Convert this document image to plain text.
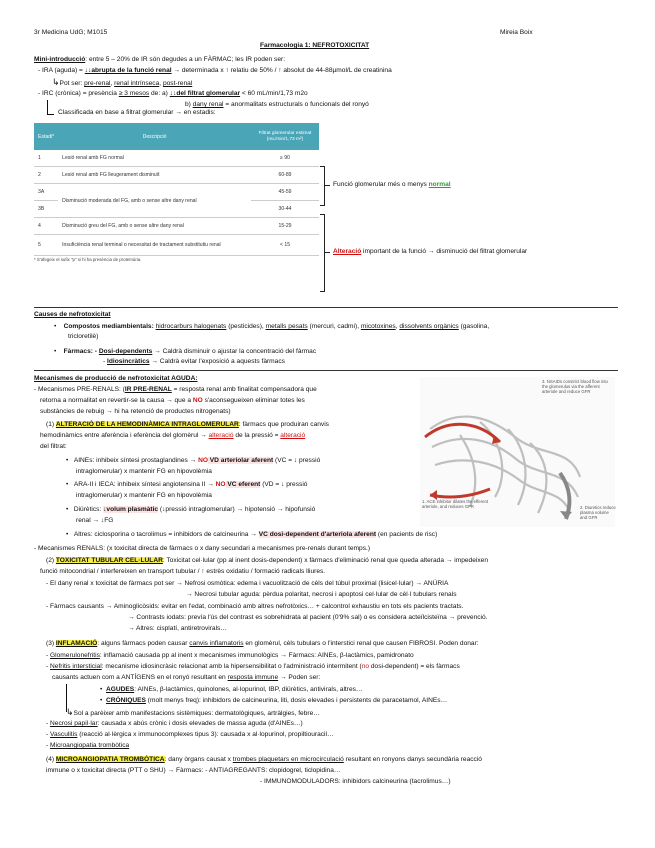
3r Medicina UdG; M1015	Mireia Boix
Farmacologia 1: NEFROTOXICITAT
Mini-introducció: entre 5 – 20% de IR són degudes a un FÀRMAC; les IR poden ser:
- IRA (aguda) = ↓↓abrupta de la funció renal → determinada x ↑ relatiu de 50% / ↑ absolut de 44-88µmol/L de creatinina
↳Pot ser: pre-renal, renal intrínseca, post-renal
- IRC (crònica) = presència ≥ 3 mesos de: a) ↓↓del filtrat glomerular < 60 mL/min/1,73 m2o
b) dany renal = anormalitats estructurals o funcionals del ronyó
Classificada en base a filtrat glomerular → en estadis:
Estadi*	Descripció	Filtrat glomerular estimat (mL/min/1,73 m²)
1	Lesió renal amb FG normal	≥ 90
2	Lesió renal amb FG lleugerament disminuït	60-89
3A	Disminució moderada del FG, amb o sense altre dany renal	45-59
3B		30-44
4	Disminució greu del FG, amb o sense altre dany renal	15-29
5	Insuficiència renal terminal o necessitat de tractament substitutiu renal	< 15
* S'afegeix el sufix "p" si hi ha presència de proteïnúria.
Funció glomerular més o menys normal
Alteració important de la funció → disminució del filtrat glomerular
Causes de nefrotoxicitat
•    Compostos mediambientals: hidrocarburs halogenats (pesticides), metalls pesats (mercuri, cadmi), micotoxines, dissolvents orgànics (gasolina,
tricloretilè)
•    Fàrmacs: - Dosi-dependents → Caldrà disminuir o ajustar la concentració del fàrmac
- Idiosincràtics → Caldrà evitar l'exposició a aquests fàrmacs
Mecanismes de producció de nefrotoxicitat AGUDA:
- Mecanismes PRE-RENALS: (IR PRE-RENAL = resposta renal amb finalitat compensadora que
retorna a normalitat en revertir-se la causa → que a NO s'aconsegueixen eliminar totes les
substàncies de rebuig → hi ha retenció de productes nitrogenats)
(1) ALTERACIÓ DE LA HEMODINÀMICA INTRAGLOMERULAR: fàrmacs que produiran canvis
hemodinàmics entre aferència i eferència del glomèrul → alteració de la pressió = alteració
del filtrat:
•   AINEs: inhibeix síntesi prostaglandines → NO VD arteriolar aferent (VC = ↓ pressió
intraglomerular) x mantenir FG en hipovolèmia
•   ARA-II i IECA: inhibeix síntesi angiotensina II → NO VC eferent (VD = ↓ pressió
intraglomerular) x mantenir FG en hipovolèmia
•   Diürètics: ↓volum plasmàtic (↓pressió intraglomerular) → hipotensió → hipofunsió
renal → ↓FG
•   Altres: ciclosporina o tacrolimus = inhibidors de calcineurina → VC dosi-dependent d'arteriola aferent (en pacients de risc)
3. NSAIDs constrict blood flow into the glomerulus via the afferent arteriole and reduce GFR
1. ACE inhibitor dilates the efferent arteriole, and reduces GFR	2. Diuretics reduce plasma volume and GFR
- Mecanismes RENALS: (x toxicitat directa de fàrmacs o x dany secundari a mecanismes pre-renals durant temps.)
(2) TOXICITAT TUBULAR CEL·LULAR: Toxicitat cel·lular (pp al inent dosis-dependent) x fàrmacs d'eliminació renal que queda alterada → impedeixen
funció mitocondrial / interfereixen en transport tubular / ↑ estrès oxidatiu / formació radicals lliures.
- El dany renal x toxicitat de fàrmacs pot ser → Nefrosi osmòtica: edema i vacuolització de cèls del túbul proximal (lisicel·lular) → ANÚRIA
→ Necrosi tubular aguda: pèrdua polaritat, necrosi i apoptosi cel·lular de cèl·l tubulars renals
- Fàrmacs causants → Aminoglicòsids: evitar en l'edat, combinació amb altres nefrotòxics… + calcontrol exhaustiu en tots els pacients tractats.
→ Contrasts iodats: prevía l'ús del contrast es sobrehidrata al pacient (0'9% sal) o es considera acteïlcisteïna → prevenció.
→ Altres: cisplatí, antiretrovirals…
(3) INFLAMACIÓ: alguns fàrmacs poden causar canvis inflamatoris en glomèrul, cèls tubulars o l'interstici renal que causen FIBROSI. Poden donar:
- Glomerulonefritis: inflamació causada pp al inent x mecanismes immunològics → Fàrmacs: AINEs, β-lactàmics, pamidronato
- Nefritis intersticial: mecanisme idiosincràsic relacionat amb la hipersensibilitat o l'administració intermitent (no dosi-dependent) = els fàrmacs
causants actuen com a ANTÍGENS en el ronyó resultant en resposta immune → Poden ser:
•  AGUDES: AINEs, β-lactàmics, quinolones, al·lopurinol, IBP, diürètics, antivirals, altres…
•  CRÒNIQUES (molt menys freq): inhibidors de calcineurina, liti, dosis elevades i persistents de paracetamol, AINEs…
↳Sol a parèixer amb manifestacions sistèmiques: dermatològiques, artràlgies, febre…
- Necrosi papil·lar: causada x abús crònic i dosis elevades de massa aguda (d'AINEs…)
- Vasculitis (reacció al·lèrgica x immunocomplexes tipus 3): causada x al·lopurinol, propiltiouracil…
- Microangiopatia trombòtica
(4) MICROANGIOPATIA TROMBÒTICA: dany òrgans causat x trombes plaquetars en microcirculació resultant en ronyons danys secundària reacció
immune o x toxicitat directa (PTT o SHU) → Fàrmacs: - ANTIAGREGANTS: clopidogrel, ticlopidina…
- IMMUNOMODULADORS: inhibidors calcineurina (tacrolimus…)
